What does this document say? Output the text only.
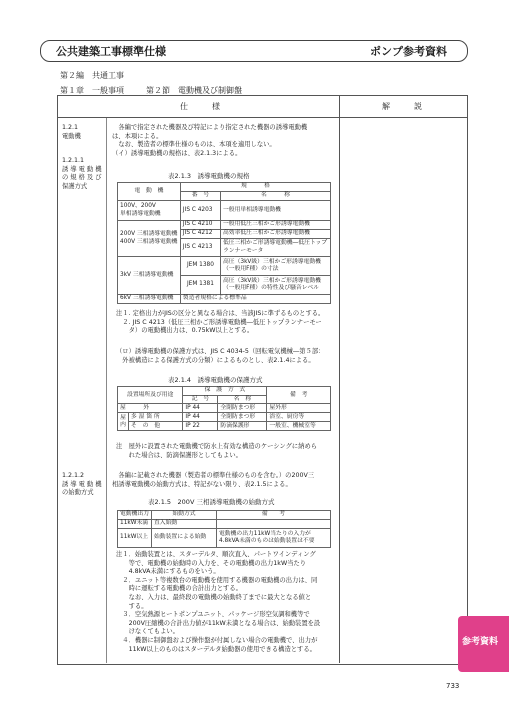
公共建築工事標準仕様	ポンプ参考資料
第２編　共通工事
第１章　一般事項	第２節　電動機及び制御盤
仕　様	解　説
1.2.1
電動機
1.2.1.1
誘 導 電 動 機
の 規 格 及 び
保護方式
1.2.1.2
誘 導 電 動 機
の始動方式
　各編で指定された機器及び特記により指定された機器の誘導電動機
は、本項による。
　なお、製造者の標準仕様のものは、本項を適用しない。
（イ）誘導電動機の規格は、表2.1.3による。
表2.1.3　誘導電動機の規格
電　動　機	規　　　格	
	番　号	名　　　称

100V、200V
単相誘導電動機	JIS C 4203	一般用単相誘導電動機

200V 三相誘導電動機
400V 三相誘導電動機	JIS C 4210	一般用低圧三相かご形誘導電動機
	JIS C 4212	高効率低圧三相かご形誘導電動機
	JIS C 4213	低圧三相かご形誘導電動機―低圧トップランナーモータ
3kV 三相誘導電動機	JEM 1380	高圧（3kV級）三相かご形誘導電動機（一般用F種）の寸法
	JEM 1381	高圧（3kV級）三相かご形誘導電動機（一般用F種）の特性及び騒音レベル
6kV 三相誘導電動機	製造者規格による標準品	
注１. 定格出力がJISの区分と異なる場合は、当該JISに準ずるものとする。
　２. JIS C 4213（低圧三相かご形誘導電動機―低圧トップランナーモー
　　タ）の電動機出力は、0.75kW以上とする。
（ロ）誘導電動機の保護方式は、JIS C 4034-5（回転電気機械―第５部：
　外被構造による保護方式の分類）によるものとし、表2.1.4による。
表2.1.4　誘導電動機の保護方式
設置場所及び用途		保　護　方　式		備　考
		記　号	名　称	
屋　　　外		IP 44	全閉防まつ形	屋外形

屋
内	多 湿 箇 所	IP 44	全閉防まつ形	浴室、厨房等
	そ　の　他	IP 22	防滴保護形	一般室、機械室等
注　屋外に設置された電動機で防水上有効な構造のケーシングに納めら
　　れた場合は、防滴保護形としてもよい。
　各編に記載された機器（製造者の標準仕様のものを含む。）の200V三
相誘導電動機の始動方式は、特記がない限り、表2.1.5による。
表2.1.5　200V 三相誘導電動機の始動方式
電動機出力	始動方式	備　　考
11kW未満	直入始動	
11kW以上	始動装置による始動	電動機の出力11kW当たりの入力が4.8kVA未満のものは始動装置は不要
注１．始動装置とは、スターデルタ、順次直入、パートワインディング
　　等で、電動機の始動時の入力を、その電動機の出力1kW当たり
　　4.8kVA未満にするものをいう。
　２．ユニット等複数台の電動機を使用する機器の電動機の出力は、同
　　時に運転する電動機の合計出力とする。
　　なお、入力は、最終段の電動機の始動終了までに最大となる値と
　　する。
　３．空気熱源ヒートポンプユニット、パッケージ形空気調和機等で
　　200V圧縮機の合計出力値が11kW未満となる場合は、始動装置を設
　　けなくてもよい。
　４．機器に制御盤および操作盤が付属しない場合の電動機で、出力が
　　11kW以上のものはスターデルタ始動器の使用できる構造とする。
参考資料
733
